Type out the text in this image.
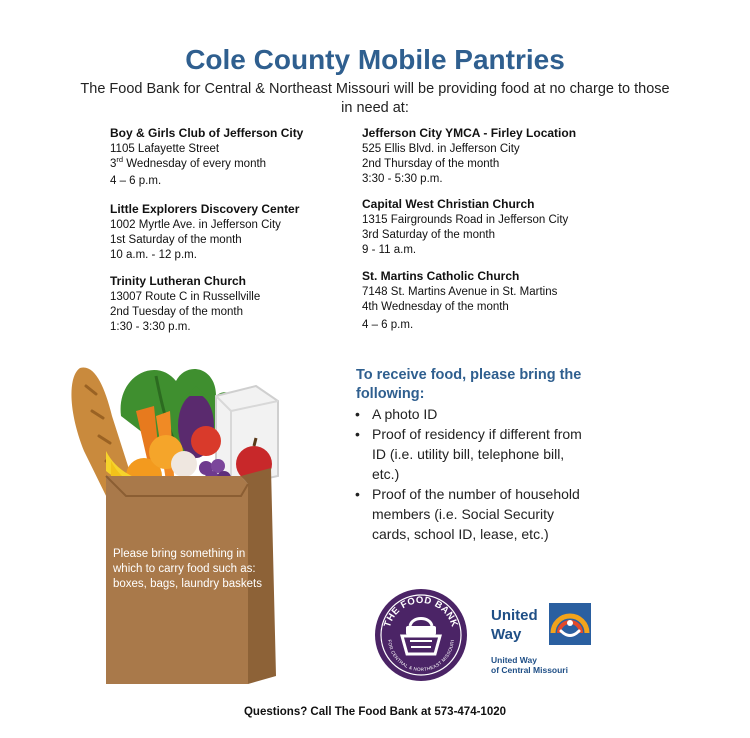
Cole County Mobile Pantries
The Food Bank for Central & Northeast Missouri will be providing food at no charge to those in need at:
Boy & Girls Club of Jefferson City
1105 Lafayette Street
3rd Wednesday of every month
4 – 6 p.m.
Little Explorers Discovery Center
1002 Myrtle Ave. in Jefferson City
1st Saturday of the month
10 a.m. - 12 p.m.
Trinity Lutheran Church
13007 Route C in Russellville
2nd Tuesday of the month
1:30 - 3:30 p.m.
Jefferson City YMCA - Firley Location
525 Ellis Blvd. in Jefferson City
2nd Thursday of the month
3:30 - 5:30 p.m.
Capital West Christian Church
1315 Fairgrounds Road in Jefferson City
3rd Saturday of the month
9 - 11 a.m.
St. Martins Catholic Church
7148 St. Martins Avenue in St. Martins
4th Wednesday of the month
4 – 6 p.m.
Please bring something in which to carry food such as: boxes, bags, laundry baskets
To receive food, please bring the following:
• A photo ID
• Proof of residency if different from ID (i.e. utility bill, telephone bill, etc.)
• Proof of the number of household members (i.e. Social Security cards, school ID, lease, etc.)
THE FOOD BANK
FOR CENTRAL & NORTHEAST MISSOURI
United
Way
United Way
of Central Missouri
Questions? Call The Food Bank at 573-474-1020
